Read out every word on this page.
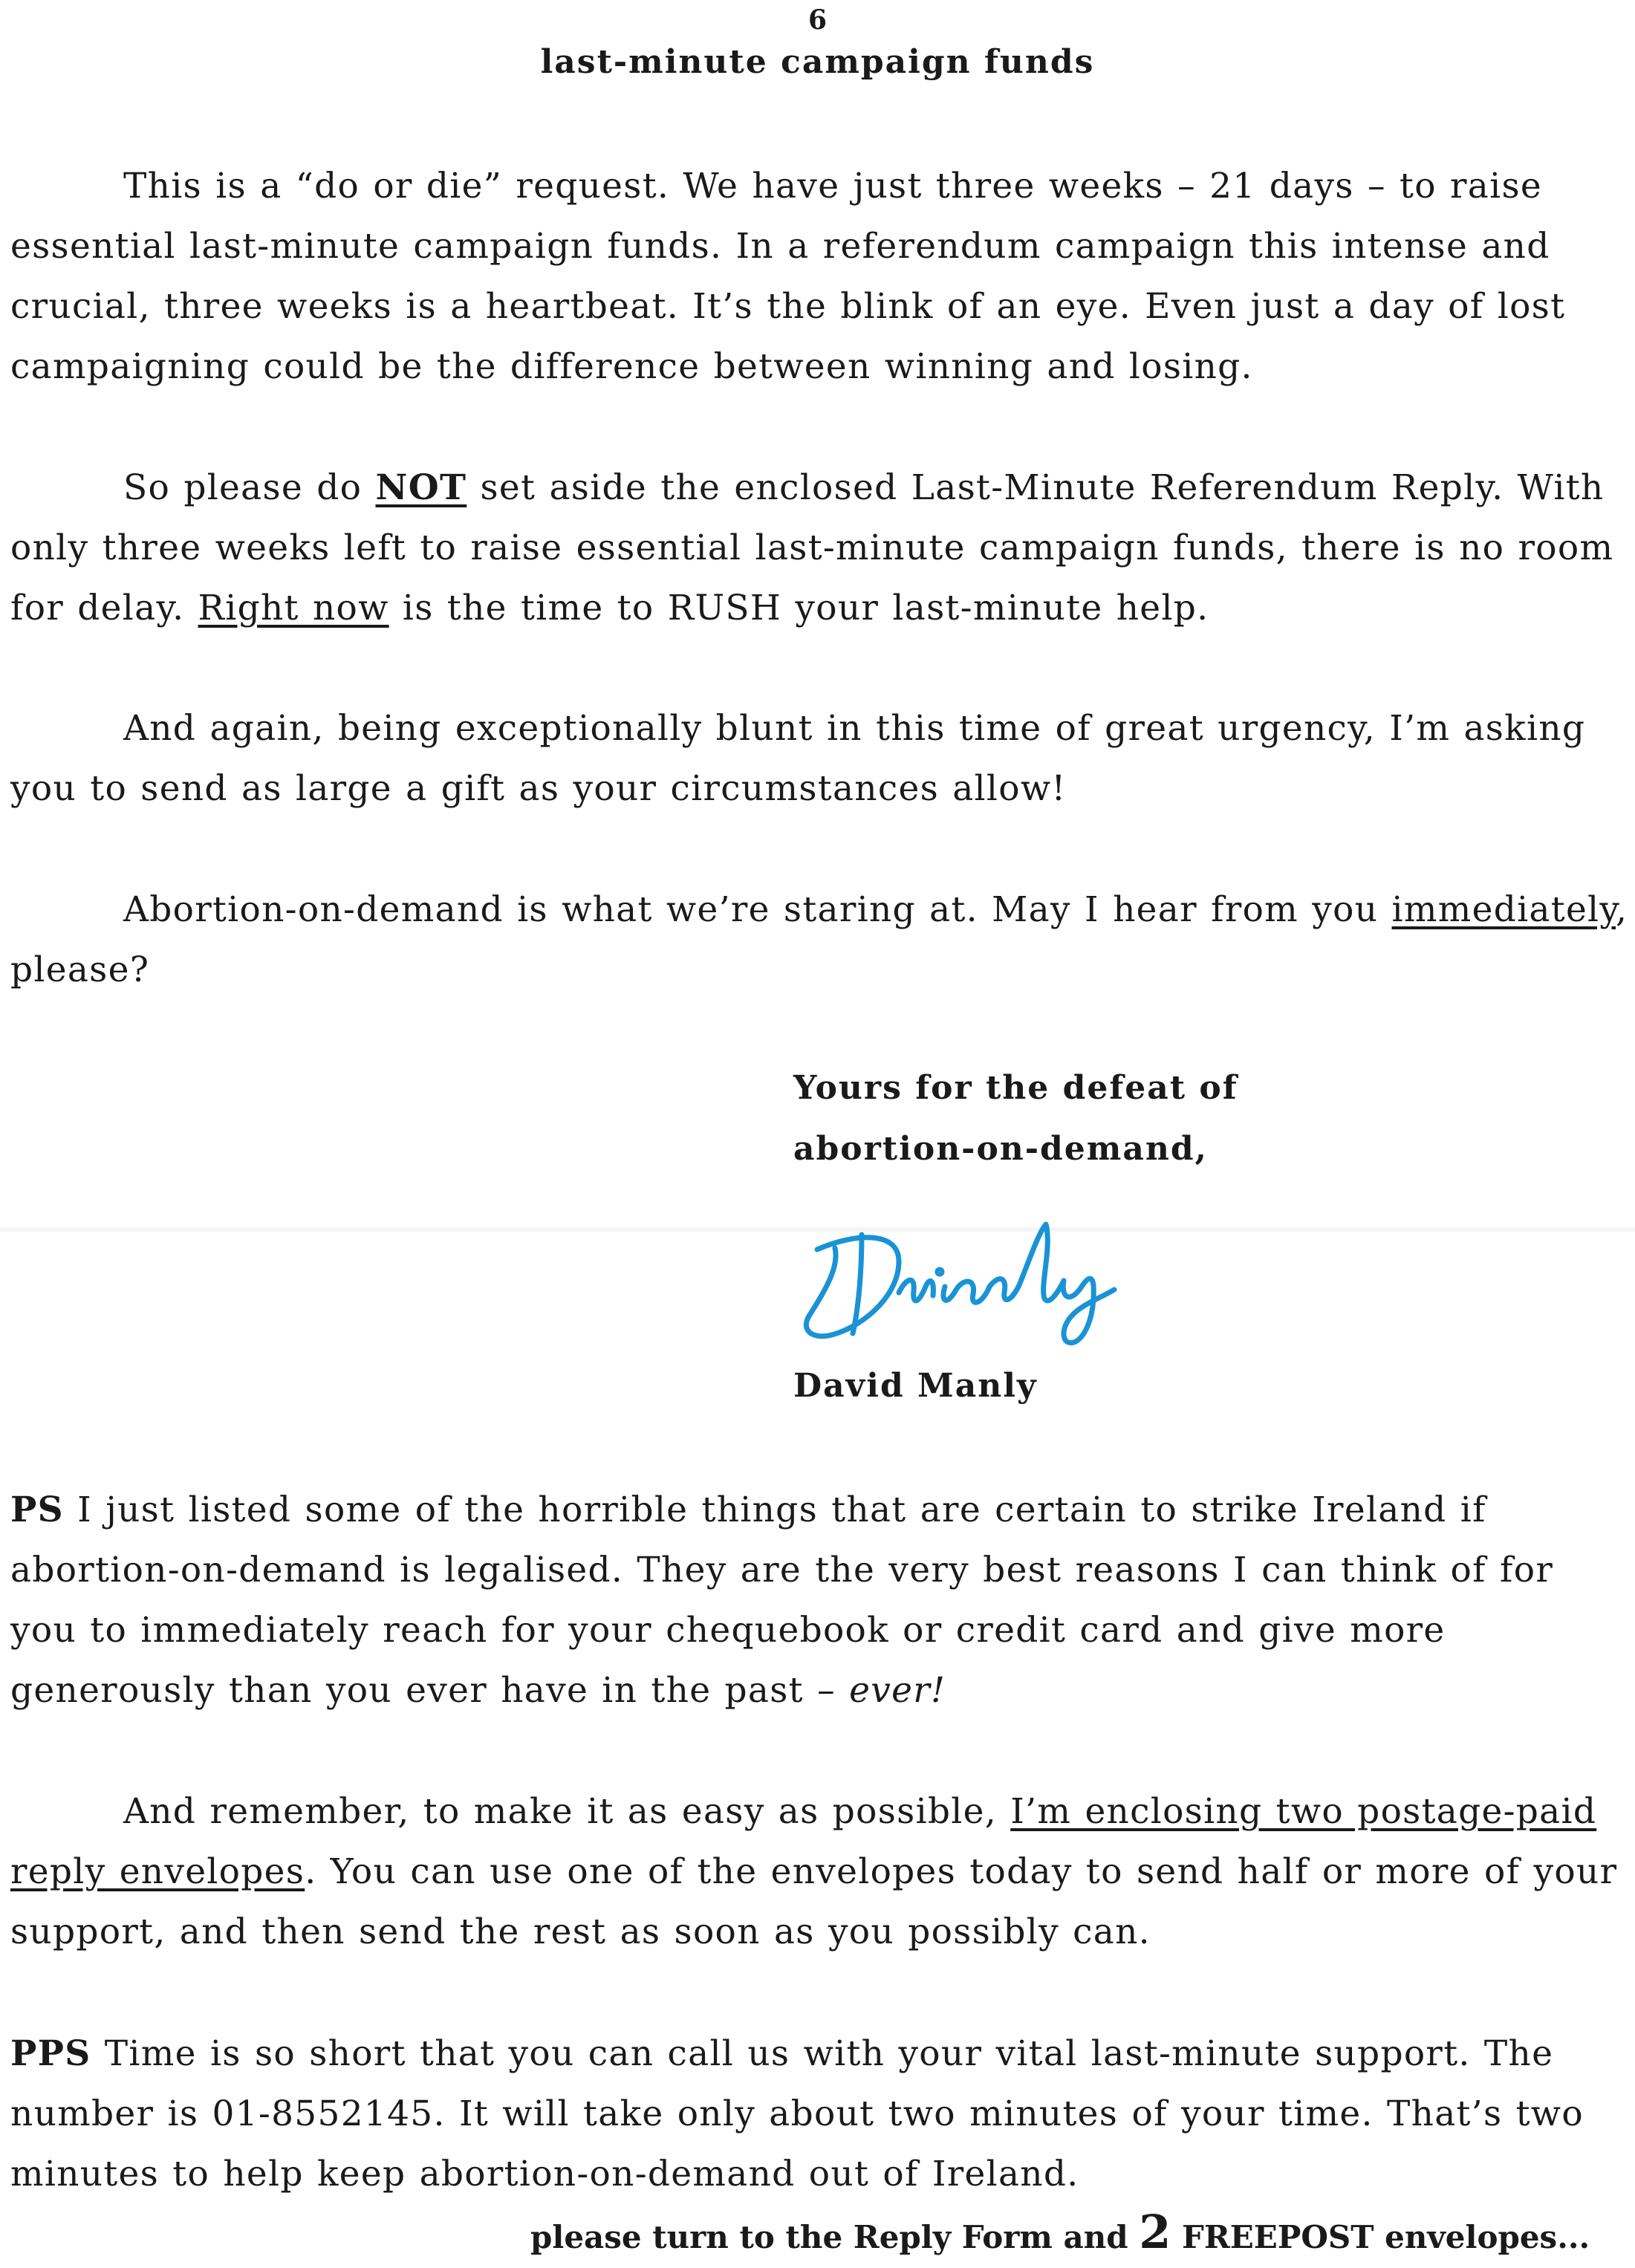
6
last-minute campaign funds
This is a “do or die” request. We have just three weeks – 21 days – to raise essential last-minute campaign funds. In a referendum campaign this intense and crucial, three weeks is a heartbeat. It’s the blink of an eye. Even just a day of lost campaigning could be the difference between winning and losing.
So please do NOT set aside the enclosed Last-Minute Referendum Reply. With only three weeks left to raise essential last-minute campaign funds, there is no room for delay. Right now is the time to RUSH your last-minute help.
And again, being exceptionally blunt in this time of great urgency, I’m asking you to send as large a gift as your circumstances allow!
Abortion-on-demand is what we’re staring at. May I hear from you immediately, please?
Yours for the defeat of
abortion-on-demand,
David Manly
PS I just listed some of the horrible things that are certain to strike Ireland if abortion-on-demand is legalised. They are the very best reasons I can think of for you to immediately reach for your chequebook or credit card and give more generously than you ever have in the past – ever!
And remember, to make it as easy as possible, I’m enclosing two postage-paid reply envelopes. You can use one of the envelopes today to send half or more of your support, and then send the rest as soon as you possibly can.
PPS Time is so short that you can call us with your vital last-minute support. The number is 01-8552145. It will take only about two minutes of your time. That’s two minutes to help keep abortion-on-demand out of Ireland.
please turn to the Reply Form and 2 FREEPOST envelopes...
